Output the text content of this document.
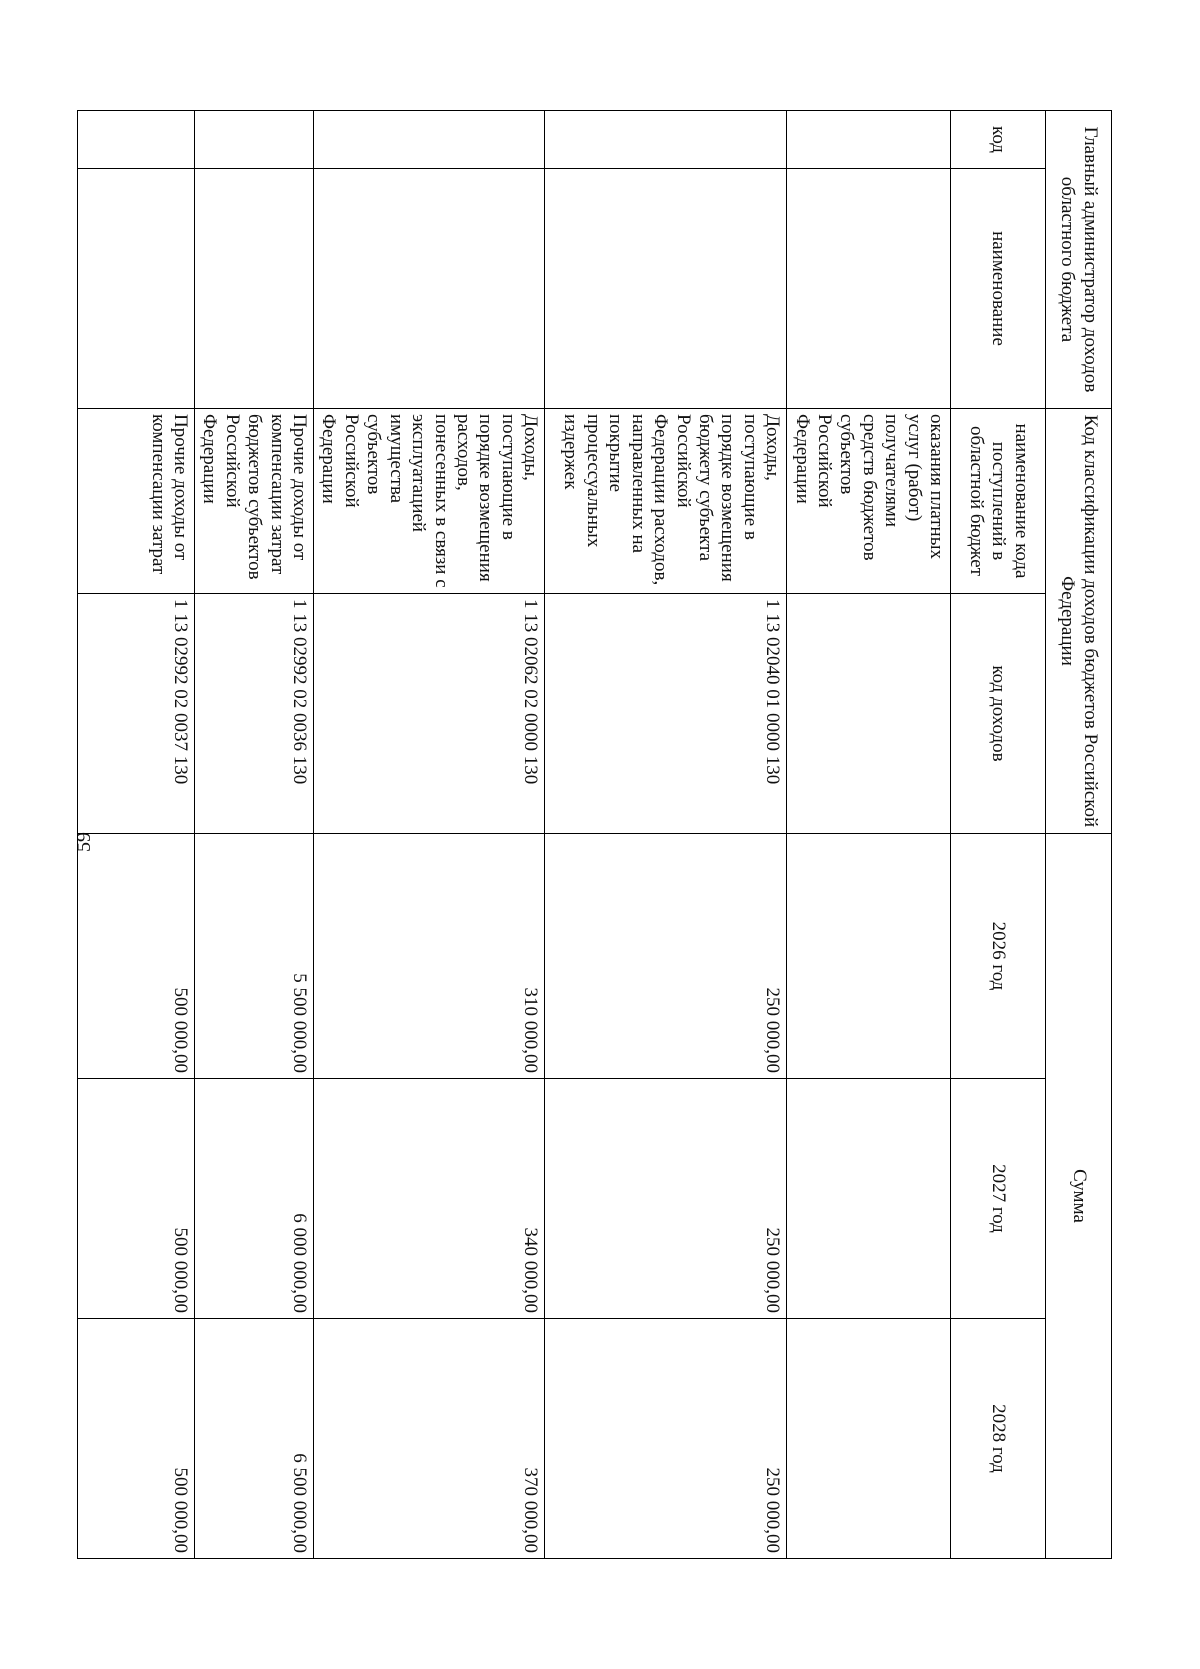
59
Главный администратор доходов областного бюджета		Код классификации доходов бюджетов Российской Федерации		Сумма		
код	наименование	наименование кода поступлений в областной бюджет	код доходов	2026 год	2027 год	2028 год
		оказания платных услуг (работ) получателями средств бюджетов субъектов Российской Федерации				
		Доходы, поступающие в порядке возмещения бюджету субъекта Российской Федерации расходов, направленных на покрытие процессуальных издержек	1 13 02040 01 0000 130	250 000,00	250 000,00	250 000,00
		Доходы, поступающие в порядке возмещения расходов, понесенных в связи с эксплуатацией имущества субъектов Российской Федерации	1 13 02062 02 0000 130	310 000,00	340 000,00	370 000,00
		Прочие доходы от компенсации затрат бюджетов субъектов Российской Федерации	1 13 02992 02 0036 130	5 500 000,00	6 000 000,00	6 500 000,00
		Прочие доходы от компенсации затрат	1 13 02992 02 0037 130	500 000,00	500 000,00	500 000,00
